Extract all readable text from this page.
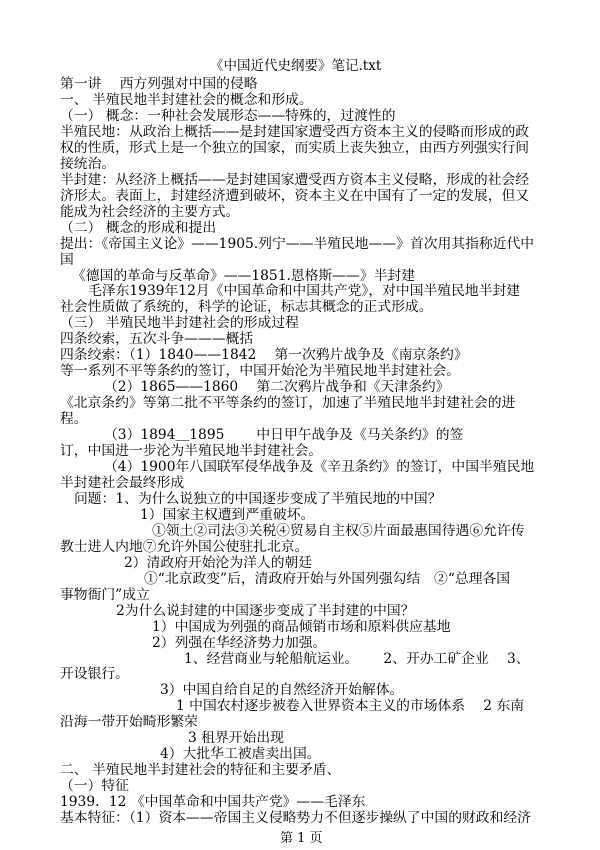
《中国近代史纲要》笔记.txt
第一讲　 西方列强对中国的侵略
一、 半殖民地半封建社会的概念和形成。
（一） 概念：一种社会发展形态——特殊的，过渡性的
半殖民地：从政治上概括——是封建国家遭受西方资本主义的侵略而形成的政
权的性质，形式上是一个独立的国家，而实质上丧失独立，由西方列强实行间
接统治。
半封建：从经济上概括——是封建国家遭受西方资本主义侵略，形成的社会经
济形太。表面上，封建经济遭到破坏，资本主义在中国有了一定的发展，但又
能成为社会经济的主要方式。
（二） 概念的形成和提出
提出：《帝国主义论》——1905.列宁——半殖民地——》首次用其指称近代中
国
《德国的革命与反革命》——1851.恩格斯——》半封建
毛泽东1939年12月《中国革命和中国共产党》，对中国半殖民地半封建
社会性质做了系统的，科学的论证，标志其概念的正式形成。
（三） 半殖民地半封建社会的形成过程
四条绞索，五次斗争———概括
四条绞索：（1）1840——1842　 第一次鸦片战争及《南京条约》
等一系列不平等条约的签订，中国开始沦为半殖民地半封建社会。
（2）1865——1860　 第二次鸦片战争和《天津条约》
《北京条约》等第二批不平等条约的签订，加速了半殖民地半封建社会的进
程。
（3）1894＿1895　　 中日甲午战争及《马关条约》的签
订，中国进一步沦为半殖民地半封建社会。
（4）1900年八国联军侵华战争及《辛丑条约》的签订，中国半殖民地
半封建社会最终形成
问题：1、为什么说独立的中国逐步变成了半殖民地的中国？
1）国家主权遭到严重破坏。
①领土②司法③关税④贸易自主权⑤片面最惠国待遇⑥允许传
教士进人内地⑦允许外国公使驻扎北京。
2）清政府开始沦为洋人的朝廷
①“北京政变”后，清政府开始与外国列强勾结　②“总理各国
事物衙门”成立
2为什么说封建的中国逐步变成了半封建的中国？
1）中国成为列强的商品倾销市场和原料供应基地
2）列强在华经济势力加强。
1、经营商业与轮船航运业。　　 2、开办工矿企业　 3、
开设银行。
3）中国自给自足的自然经济开始解体。
1 中国农村逐步被卷入世界资本主义的市场体系　 2 东南
沿海一带开始畸形繁荣
3 租界开始出现
4）大批华工被虐卖出国。
二、 半殖民地半封建社会的特征和主要矛盾、
（一）特征
1939．12 《中国革命和中国共产党》——毛泽东
基本特征：（1）资本——帝国主义侵略势力不但逐步操纵了中国的财政和经济
第 1 页
